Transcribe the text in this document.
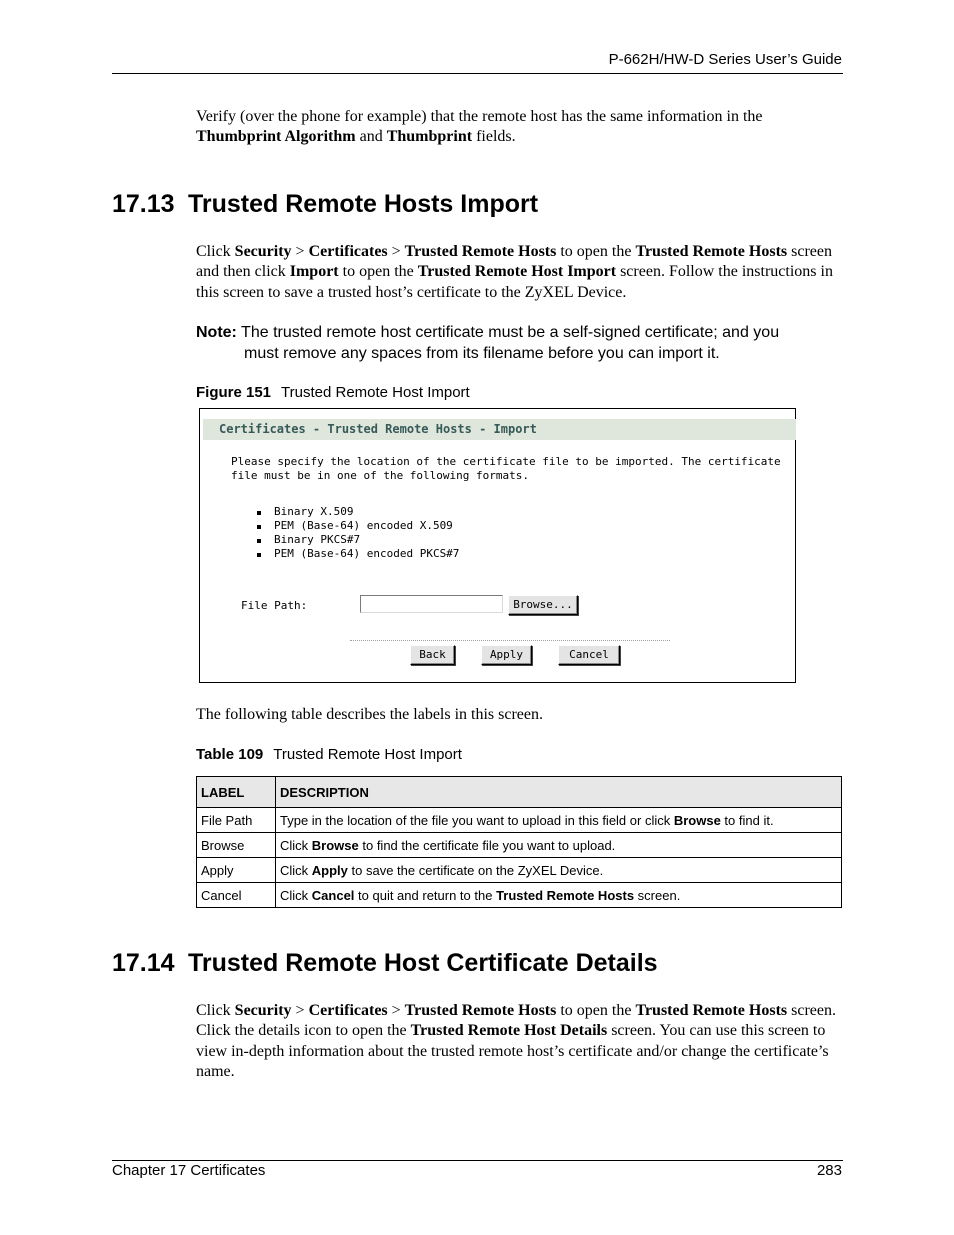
P-662H/HW-D Series User’s Guide
Verify (over the phone for example) that the remote host has the same information in the Thumbprint Algorithm and Thumbprint fields.
17.13 Trusted Remote Hosts Import
Click Security > Certificates > Trusted Remote Hosts to open the Trusted Remote Hosts screen and then click Import to open the Trusted Remote Host Import screen. Follow the instructions in this screen to save a trusted host’s certificate to the ZyXEL Device.
Note: The trusted remote host certificate must be a self-signed certificate; and you
must remove any spaces from its filename before you can import it.
Figure 151 Trusted Remote Host Import
Certificates - Trusted Remote Hosts - Import
Please specify the location of the certificate file to be imported. The certificate file must be in one of the following formats.
Binary X.509
PEM (Base-64) encoded X.509
Binary PKCS#7
PEM (Base-64) encoded PKCS#7
File Path:	Browse...
Back	Apply	Cancel
The following table describes the labels in this screen.
Table 109 Trusted Remote Host Import
LABEL	DESCRIPTION
File Path	Type in the location of the file you want to upload in this field or click Browse to find it.
Browse	Click Browse to find the certificate file you want to upload.
Apply	Click Apply to save the certificate on the ZyXEL Device.
Cancel	Click Cancel to quit and return to the Trusted Remote Hosts screen.
17.14 Trusted Remote Host Certificate Details
Click Security > Certificates > Trusted Remote Hosts to open the Trusted Remote Hosts screen. Click the details icon to open the Trusted Remote Host Details screen. You can use this screen to view in-depth information about the trusted remote host’s certificate and/or change the certificate’s name.
Chapter 17 Certificates	283
